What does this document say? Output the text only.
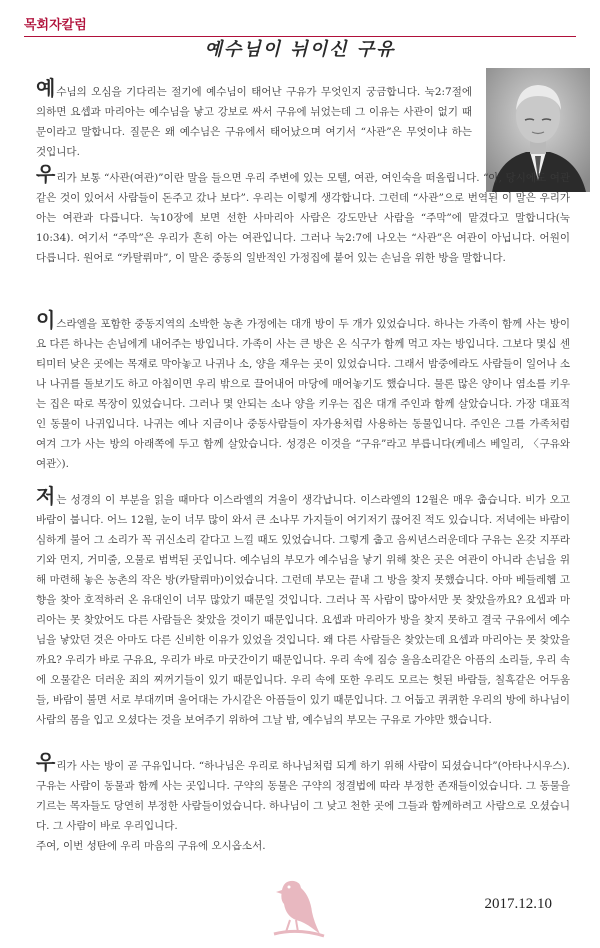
목회자칼럼
예수님이 뉘이신 구유

예수님의 오심을 기다리는 절기에 예수님이 태어난 구유가 무엇인지 궁금합니다. 눅2:7절에 의하면 요셉과 마리아는 예수님을 낳고 강보로 싸서 구유에 뉘었는데 그 이유는 사관이 없기 때문이라고 말합니다. 질문은 왜 예수님은 구유에서 태어났으며 여기서 “사관”은 무엇이냐 하는 것입니다.

우리가 보통 “사관(여관)”이란 말을 들으면 우리 주변에 있는 모텔, 여관, 여인숙을 떠올립니다. “아, 당시에도 여관같은 것이 있어서 사람들이 돈주고 갔나 보다”. 우리는 이렇게 생각합니다. 그런데 “사관”으로 번역된 이 말은 우리가 아는 여관과 다릅니다. 눅10장에 보면 선한 사마리아 사람은 강도만난 사람을 “주막”에 맡겼다고 말합니다(눅10:34). 여기서 “주막”은 우리가 흔히 아는 여관입니다. 그러나 눅2:7에 나오는 “사관”은 여관이 아닙니다. 어원이 다릅니다. 원어로 “카탈뤼마”, 이 말은 중동의 일반적인 가정집에 붙어 있는 손님을 위한 방을 말합니다.

이스라엘을 포함한 중동지역의 소박한 농촌 가정에는 대개 방이 두 개가 있었습니다. 하나는 가족이 함께 사는 방이요 다른 하나는 손님에게 내어주는 방입니다. 가족이 사는 큰 방은 온 식구가 함께 먹고 자는 방입니다. 그보다 몇십 센티미터 낮은 곳에는 목재로 막아놓고 나귀나 소, 양을 재우는 곳이 있었습니다. 그래서 밤중에라도 사람들이 일어나 소나 나귀를 돌보기도 하고 아침이면 우리 밖으로 끌어내어 마당에 매어놓기도 했습니다. 물론 많은 양이나 염소를 키우는 집은 따로 목장이 있었습니다. 그러나 몇 안되는 소나 양을 키우는 집은 대개 주인과 함께 살았습니다. 가장 대표적인 동물이 나귀입니다. 나귀는 예나 지금이나 중동사람들이 자가용처럼 사용하는 동물입니다. 주인은 그를 가족처럼 여겨 그가 사는 방의 아래쪽에 두고 함께 살았습니다. 성경은 이것을 “구유”라고 부릅니다(케네스 베일리, 〈구유와 여관〉).

저는 성경의 이 부분을 읽을 때마다 이스라엘의 겨울이 생각납니다. 이스라엘의 12월은 매우 춥습니다. 비가 오고 바람이 붑니다. 어느 12월, 눈이 너무 많이 와서 큰 소나무 가지들이 여기저기 끊어진 적도 있습니다. 저녁에는 바람이 심하게 불어 그 소리가 꼭 귀신소리 같다고 느낄 때도 있었습니다. 그렇게 춥고 음씨년스러운데다 구유는 온갖 지푸라기와 먼지, 거미줄, 오물로 범벅된 곳입니다. 예수님의 부모가 예수님을 낳기 위해 찾은 곳은 여관이 아니라 손님을 위해 마련해 놓은 농촌의 작은 방(카탈뤼마)이었습니다. 그런데 부모는 끝내 그 방을 찾지 못했습니다. 아마 베들레헴 고향을 찾아 호적하러 온 유대인이 너무 많았기 때문일 것입니다. 그러나 꼭 사람이 많아서만 못 찾았을까요? 요셉과 마리아는 못 찾았어도 다른 사람들은 찾았을 것이기 때문입니다. 요셉과 마리아가 방을 찾지 못하고 결국 구유에서 예수님을 낳았던 것은 아마도 다른 신비한 이유가 있었을 것입니다. 왜 다른 사람들은 찾았는데 요셉과 마리아는 못 찾았을까요? 우리가 바로 구유요, 우리가 바로 마굿간이기 때문입니다. 우리 속에 짐승 울음소리같은 아픔의 소리들, 우리 속에 오물같은 더러운 죄의 찌꺼기들이 있기 때문입니다. 우리 속에 또한 우리도 모르는 헛된 바람들, 칠흑같은 어두움들, 바람이 불면 서로 부대끼며 울어대는 가시같은 아픔들이 있기 때문입니다. 그 어둡고 퀴퀴한 우리의 방에 하나님이 사람의 몸을 입고 오셨다는 것을 보여주기 위하여 그날 밤, 예수님의 부모는 구유로 가야만 했습니다.

우리가 사는 방이 곧 구유입니다. “하나님은 우리로 하나님처럼 되게 하기 위해 사람이 되셨습니다”(아타나시우스). 구유는 사람이 동물과 함께 사는 곳입니다. 구약의 동물은 구약의 정결법에 따라 부정한 존재들이었습니다. 그 동물을 기르는 목자들도 당연히 부정한 사람들이었습니다. 하나님이 그 낮고 천한 곳에 그들과 함께하려고 사람으로 오셨습니다. 그 사람이 바로 우리입니다.
주여, 이번 성탄에 우리 마음의 구유에 오시옵소서.

2017.12.10
